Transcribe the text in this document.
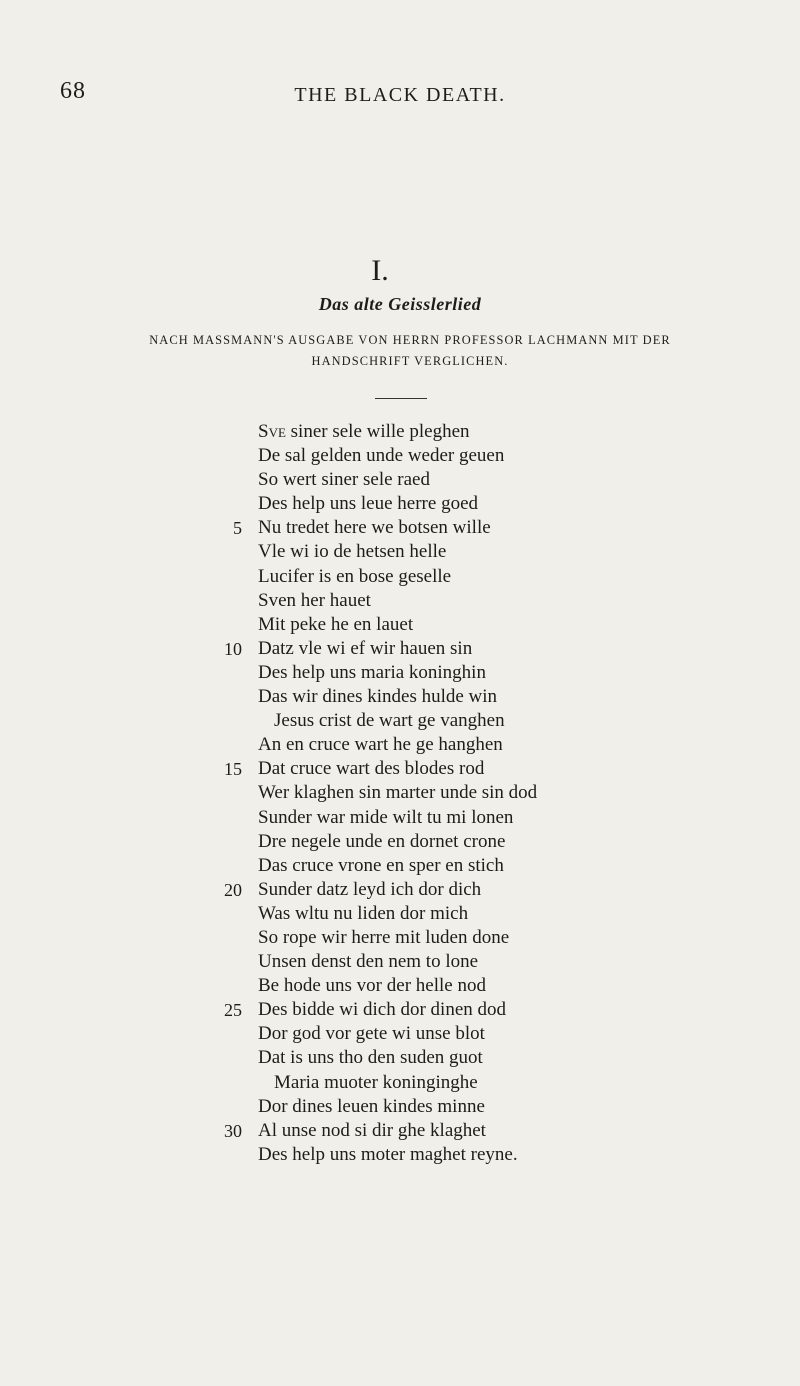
68	THE BLACK DEATH.
I.
Das alte Geisslerlied
NACH MASSMANN'S AUSGABE VON HERRN PROFESSOR LACHMANN MIT DER
HANDSCHRIFT VERGLICHEN.
Sve siner sele wille pleghen
De sal gelden unde weder geuen
So wert siner sele raed
Des help uns leue herre goed
5 Nu tredet here we botsen wille
Vle wi io de hetsen helle
Lucifer is en bose geselle
Sven her hauet
Mit peke he en lauet
10 Datz vle wi ef wir hauen sin
Des help uns maria koninghin
Das wir dines kindes hulde win
Jesus crist de wart ge vanghen
An en cruce wart he ge hanghen
15 Dat cruce wart des blodes rod
Wer klaghen sin marter unde sin dod
Sunder war mide wilt tu mi lonen
Dre negele unde en dornet crone
Das cruce vrone en sper en stich
20 Sunder datz leyd ich dor dich
Was wltu nu liden dor mich
So rope wir herre mit luden done
Unsen denst den nem to lone
Be hode uns vor der helle nod
25 Des bidde wi dich dor dinen dod
Dor god vor gete wi unse blot
Dat is uns tho den suden guot
Maria muoter koninginghe
Dor dines leuen kindes minne
30 Al unse nod si dir ghe klaghet
Des help uns moter maghet reyne.
